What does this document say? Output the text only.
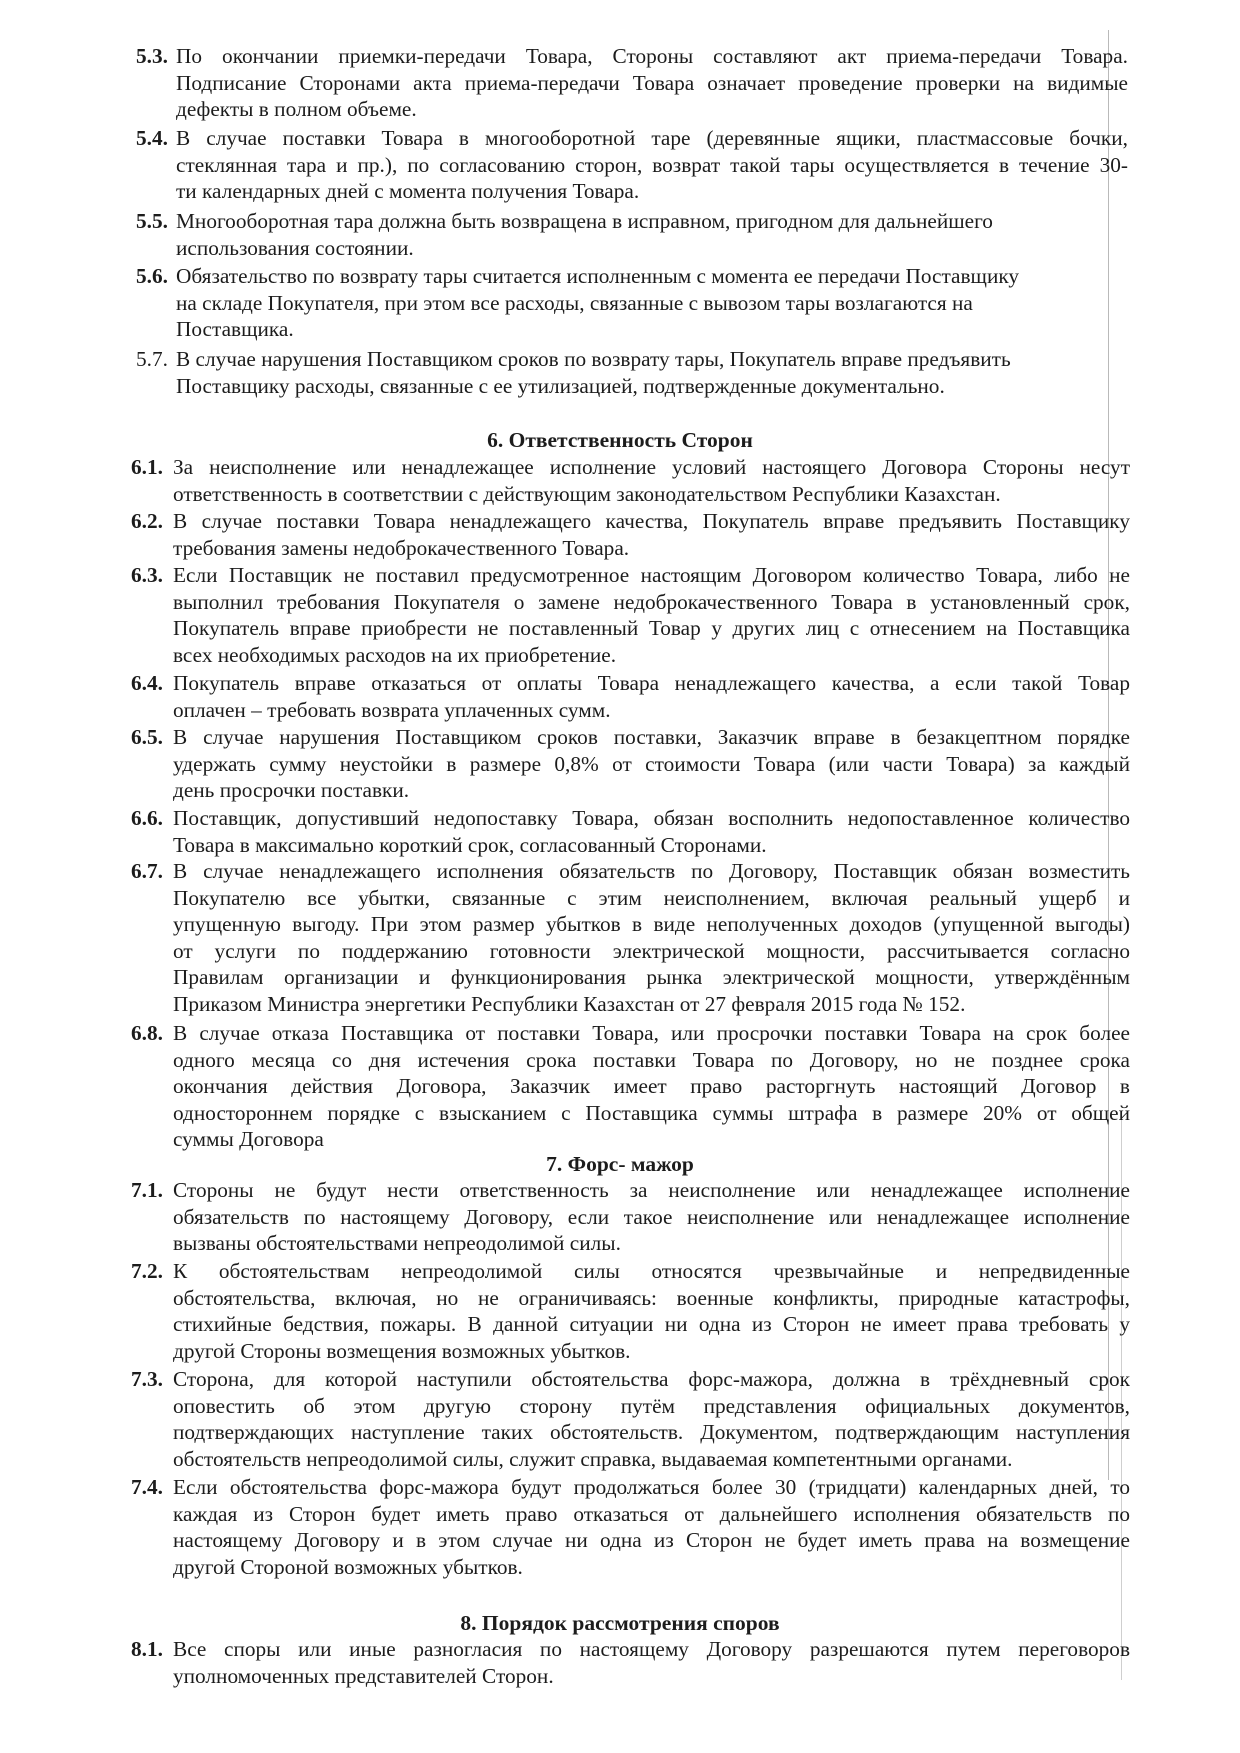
5.3. По окончании приемки-передачи Товара, Стороны составляют акт приема-передачи Товара.
Подписание Сторонами акта приема-передачи Товара означает проведение проверки на видимые
дефекты в полном объеме.
5.4. В случае поставки Товара в многооборотной таре (деревянные ящики, пластмассовые бочки,
стеклянная тара и пр.), по согласованию сторон, возврат такой тары осуществляется в течение 30-
ти календарных дней с момента получения Товара.
5.5. Многооборотная тара должна быть возвращена в исправном, пригодном для дальнейшего
использования состоянии.
5.6. Обязательство по возврату тары считается исполненным с момента ее передачи Поставщику
на складе Покупателя, при этом все расходы, связанные с вывозом тары возлагаются на
Поставщика.
5.7. В случае нарушения Поставщиком сроков по возврату тары, Покупатель вправе предъявить
Поставщику расходы, связанные с ее утилизацией, подтвержденные документально.
6. Ответственность Сторон
6.1. За неисполнение или ненадлежащее исполнение условий настоящего Договора Стороны несут
ответственность в соответствии с действующим законодательством Республики Казахстан.
6.2. В случае поставки Товара ненадлежащего качества, Покупатель вправе предъявить Поставщику
требования замены недоброкачественного Товара.
6.3. Если Поставщик не поставил предусмотренное настоящим Договором количество Товара, либо не
выполнил требования Покупателя о замене недоброкачественного Товара в установленный срок,
Покупатель вправе приобрести не поставленный Товар у других лиц с отнесением на Поставщика
всех необходимых расходов на их приобретение.
6.4. Покупатель вправе отказаться от оплаты Товара ненадлежащего качества, а если такой Товар
оплачен – требовать возврата уплаченных сумм.
6.5. В случае нарушения Поставщиком сроков поставки, Заказчик вправе в безакцептном порядке
удержать сумму неустойки в размере 0,8% от стоимости Товара (или части Товара) за каждый
день просрочки поставки.
6.6. Поставщик, допустивший недопоставку Товара, обязан восполнить недопоставленное количество
Товара в максимально короткий срок, согласованный Сторонами.
6.7. В случае ненадлежащего исполнения обязательств по Договору, Поставщик обязан возместить
Покупателю все убытки, связанные с этим неисполнением, включая реальный ущерб и
упущенную выгоду. При этом размер убытков в виде неполученных доходов (упущенной выгоды)
от услуги по поддержанию готовности электрической мощности, рассчитывается согласно
Правилам организации и функционирования рынка электрической мощности, утверждённым
Приказом Министра энергетики Республики Казахстан от 27 февраля 2015 года № 152.
6.8. В случае отказа Поставщика от поставки Товара, или просрочки поставки Товара на срок более
одного месяца со дня истечения срока поставки Товара по Договору, но не позднее срока
окончания действия Договора, Заказчик имеет право расторгнуть настоящий Договор в
одностороннем порядке с взысканием с Поставщика суммы штрафа в размере 20% от общей
суммы Договора
7. Форс- мажор
7.1. Стороны не будут нести ответственность за неисполнение или ненадлежащее исполнение
обязательств по настоящему Договору, если такое неисполнение или ненадлежащее исполнение
вызваны обстоятельствами непреодолимой силы.
7.2. К обстоятельствам непреодолимой силы относятся чрезвычайные и непредвиденные
обстоятельства, включая, но не ограничиваясь: военные конфликты, природные катастрофы,
стихийные бедствия, пожары. В данной ситуации ни одна из Сторон не имеет права требовать у
другой Стороны возмещения возможных убытков.
7.3. Сторона, для которой наступили обстоятельства форс-мажора, должна в трёхдневный срок
оповестить об этом другую сторону путём представления официальных документов,
подтверждающих наступление таких обстоятельств. Документом, подтверждающим наступления
обстоятельств непреодолимой силы, служит справка, выдаваемая компетентными органами.
7.4. Если обстоятельства форс-мажора будут продолжаться более 30 (тридцати) календарных дней, то
каждая из Сторон будет иметь право отказаться от дальнейшего исполнения обязательств по
настоящему Договору и в этом случае ни одна из Сторон не будет иметь права на возмещение
другой Стороной возможных убытков.
8. Порядок рассмотрения споров
8.1. Все споры или иные разногласия по настоящему Договору разрешаются путем переговоров
уполномоченных представителей Сторон.
